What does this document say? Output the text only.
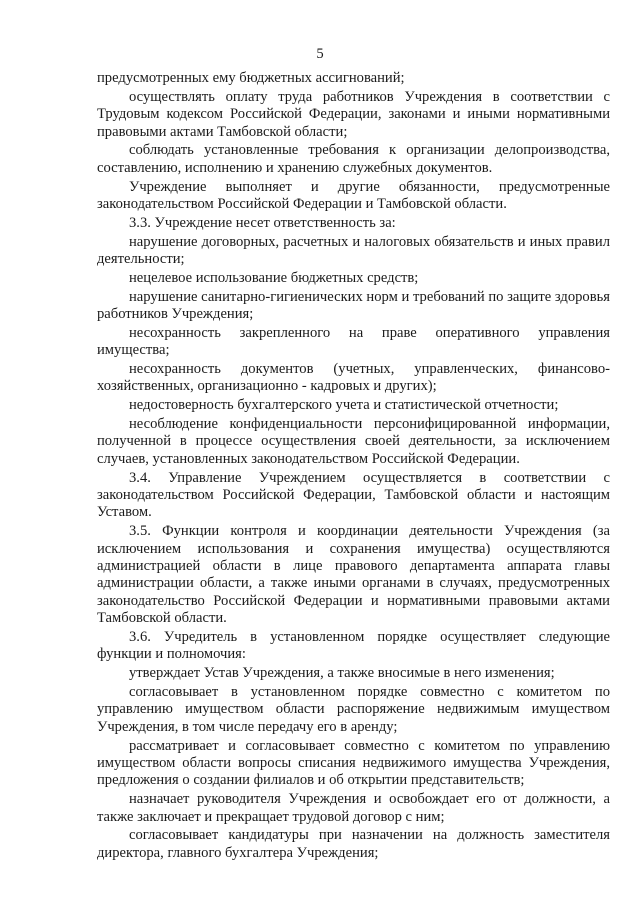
5

предусмотренных ему бюджетных ассигнований;

осуществлять оплату труда работников Учреждения в соответствии с Трудовым кодексом Российской Федерации, законами и иными нормативными правовыми актами Тамбовской области;

соблюдать установленные требования к организации делопроизводства, составлению, исполнению и хранению служебных документов.

Учреждение выполняет и другие обязанности, предусмотренные законодательством Российской Федерации и Тамбовской области.

3.3. Учреждение несет ответственность за:

нарушение договорных, расчетных и налоговых обязательств и иных правил деятельности;

нецелевое использование бюджетных средств;

нарушение санитарно-гигиенических норм и требований по защите здоровья работников Учреждения;

несохранность закрепленного на праве оперативного управления имущества;

несохранность документов (учетных, управленческих, финансово-хозяйственных, организационно - кадровых и других);

недостоверность бухгалтерского учета и статистической отчетности;

несоблюдение конфиденциальности персонифицированной информации, полученной в процессе осуществления своей деятельности, за исключением случаев, установленных законодательством Российской Федерации.

3.4. Управление Учреждением осуществляется в соответствии с законодательством Российской Федерации, Тамбовской области и настоящим Уставом.

3.5. Функции контроля и координации деятельности Учреждения (за исключением использования и сохранения имущества) осуществляются администрацией области в лице правового департамента аппарата главы администрации области, а также иными органами в случаях, предусмотренных законодательство Российской Федерации и нормативными правовыми актами Тамбовской области.

3.6. Учредитель в установленном порядке осуществляет следующие функции и полномочия:

утверждает Устав Учреждения, а также вносимые в него изменения;

согласовывает в установленном порядке совместно с комитетом по управлению имуществом области распоряжение недвижимым имуществом Учреждения, в том числе передачу его в аренду;

рассматривает и согласовывает совместно с комитетом по управлению имуществом области вопросы списания недвижимого имущества Учреждения, предложения о создании филиалов и об открытии представительств;

назначает руководителя Учреждения и освобождает его от должности, а также заключает и прекращает трудовой договор с ним;

согласовывает кандидатуры при назначении на должность заместителя директора, главного бухгалтера Учреждения;
